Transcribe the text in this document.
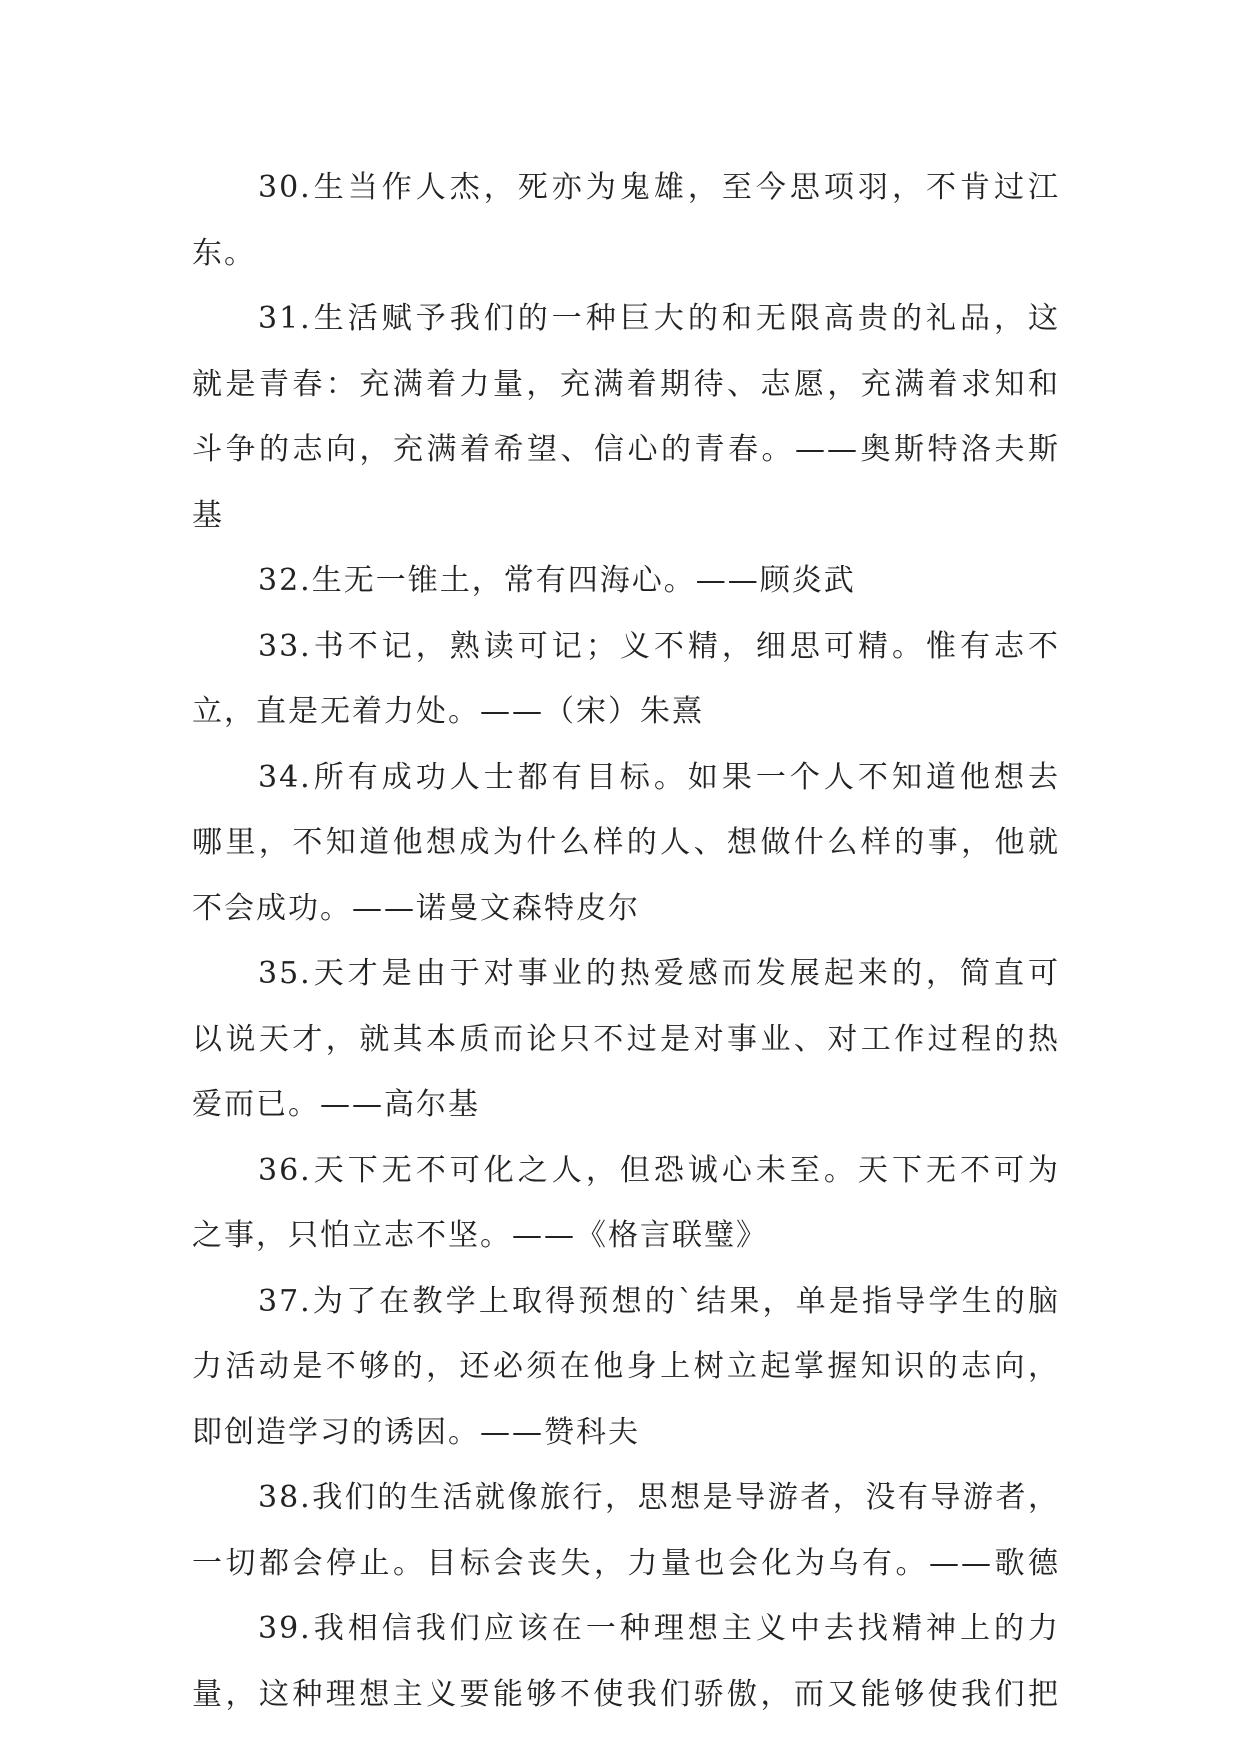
30.生当作人杰，死亦为鬼雄，至今思项羽，不肯过江
东。
31.生活赋予我们的一种巨大的和无限高贵的礼品，这
就是青春：充满着力量，充满着期待、志愿，充满着求知和
斗争的志向，充满着希望、信心的青春。——奥斯特洛夫斯
基
32.生无一锥土，常有四海心。——顾炎武
33.书不记，熟读可记；义不精，细思可精。惟有志不
立，直是无着力处。——（宋）朱熹
34.所有成功人士都有目标。如果一个人不知道他想去
哪里，不知道他想成为什么样的人、想做什么样的事，他就
不会成功。——诺曼文森特皮尔
35.天才是由于对事业的热爱感而发展起来的，简直可
以说天才，就其本质而论只不过是对事业、对工作过程的热
爱而已。——高尔基
36.天下无不可化之人，但恐诚心未至。天下无不可为
之事，只怕立志不坚。——《格言联璧》
37.为了在教学上取得预想的`结果，单是指导学生的脑
力活动是不够的，还必须在他身上树立起掌握知识的志向，
即创造学习的诱因。——赞科夫
38.我们的生活就像旅行，思想是导游者，没有导游者，
一切都会停止。目标会丧失，力量也会化为乌有。——歌德
39.我相信我们应该在一种理想主义中去找精神上的力
量，这种理想主义要能够不使我们骄傲，而又能够使我们把
